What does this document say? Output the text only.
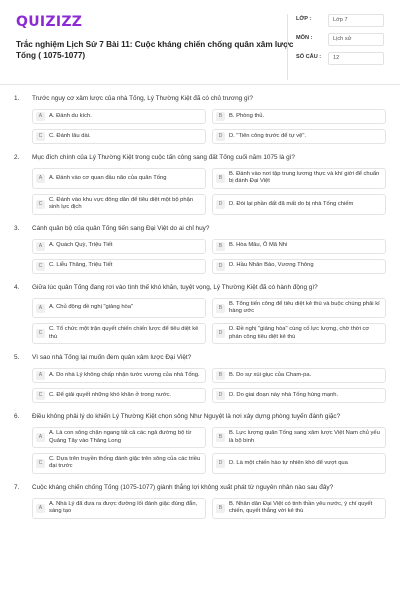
QUIZIZZ
Trắc nghiệm Lịch Sử 7 Bài 11: Cuộc kháng chiến chống quân xâm lược Tống ( 1075-1077)
LỚP :	Lớp 7
MÔN :	Lịch sử
SỐ CÂU :	12
1.	Trước nguy cơ xâm lược của nhà Tống, Lý Thường Kiệt đã có chủ trương gì?
A	A. Đánh du kích.	B	B. Phòng thủ.
C	C. Đánh lâu dài.	D	D. "Tiên công trước để tự vệ".
2.	Mục đích chính của Lý Thường Kiệt trong cuộc tấn công sang đất Tống cuối năm 1075 là gì?
A	A. Đánh vào cơ quan đầu não của quân Tống	B
B. Đánh vào nơi tập trung lương thực và khí giới để chuẩn bị đánh Đại Việt
C
C. Đánh vào khu vực đông dân để tiêu diệt một bộ phận sinh lực địch
D	D. Đòi lại phần đất đã mất do bị nhà Tống chiếm
3.	Cánh quân bộ của quân Tống tiến sang Đại Việt do ai chỉ huy?
A	A. Quách Quỳ, Triệu Tiết	B	B. Hòa Mâu, Ô Mã Nhi
C	C. Liễu Thăng, Triệu Tiết	D	D. Hầu Nhân Bảo, Vương Thông
4.	Giữa lúc quân Tống đang rơi vào tình thế khó khăn, tuyệt vọng, Lý Thường Kiệt đã có hành động gì?
A	A. Chủ động đề nghị "giảng hòa"	B
B. Tổng tiến công để tiêu diệt kẻ thù và buộc chúng phải kí hàng ước
C
C. Tổ chức một trận quyết chiến chiến lược để tiêu diệt kẻ thù
D
D. Đề nghị "giảng hòa" cùng cố lực lượng, chờ thời cơ phản công tiêu diệt kẻ thù
5.	Vì sao nhà Tống lại muốn đem quân xâm lược Đại Việt?
A	A. Do nhà Lý không chấp nhận tước vương của nhà Tống.	B	B. Do sự xúi giục của Cham-pa.
C	C. Để giải quyết những khó khăn ở trong nước.	D	D. Do giai đoạn này nhà Tống hùng mạnh.
6.	Điều không phải lý do khiến Lý Thường Kiệt chọn sông Như Nguyệt là nơi xây dựng phòng tuyến đánh giặc?
A
A. Là con sông chặn ngang tất cả các ngả đường bộ từ Quảng Tây vào Thăng Long
B
B. Lực lượng quân Tống sang xâm lược Việt Nam chủ yếu là bộ binh
C
C. Dựa trên truyền thống đánh giặc trên sông của các triều đại trước
D	D. Là một chiến hào tự nhiên khó để vượt qua
7.	Cuộc kháng chiến chống Tống (1075-1077) giành thắng lợi không xuất phát từ nguyên nhân nào sau đây?
A
A. Nhà Lý đã đưa ra được đường lối đánh giặc đúng đắn, sáng tạo
B
B. Nhân dân Đại Việt có tinh thần yêu nước, ý chí quyết chiến, quyết thắng với kẻ thù
